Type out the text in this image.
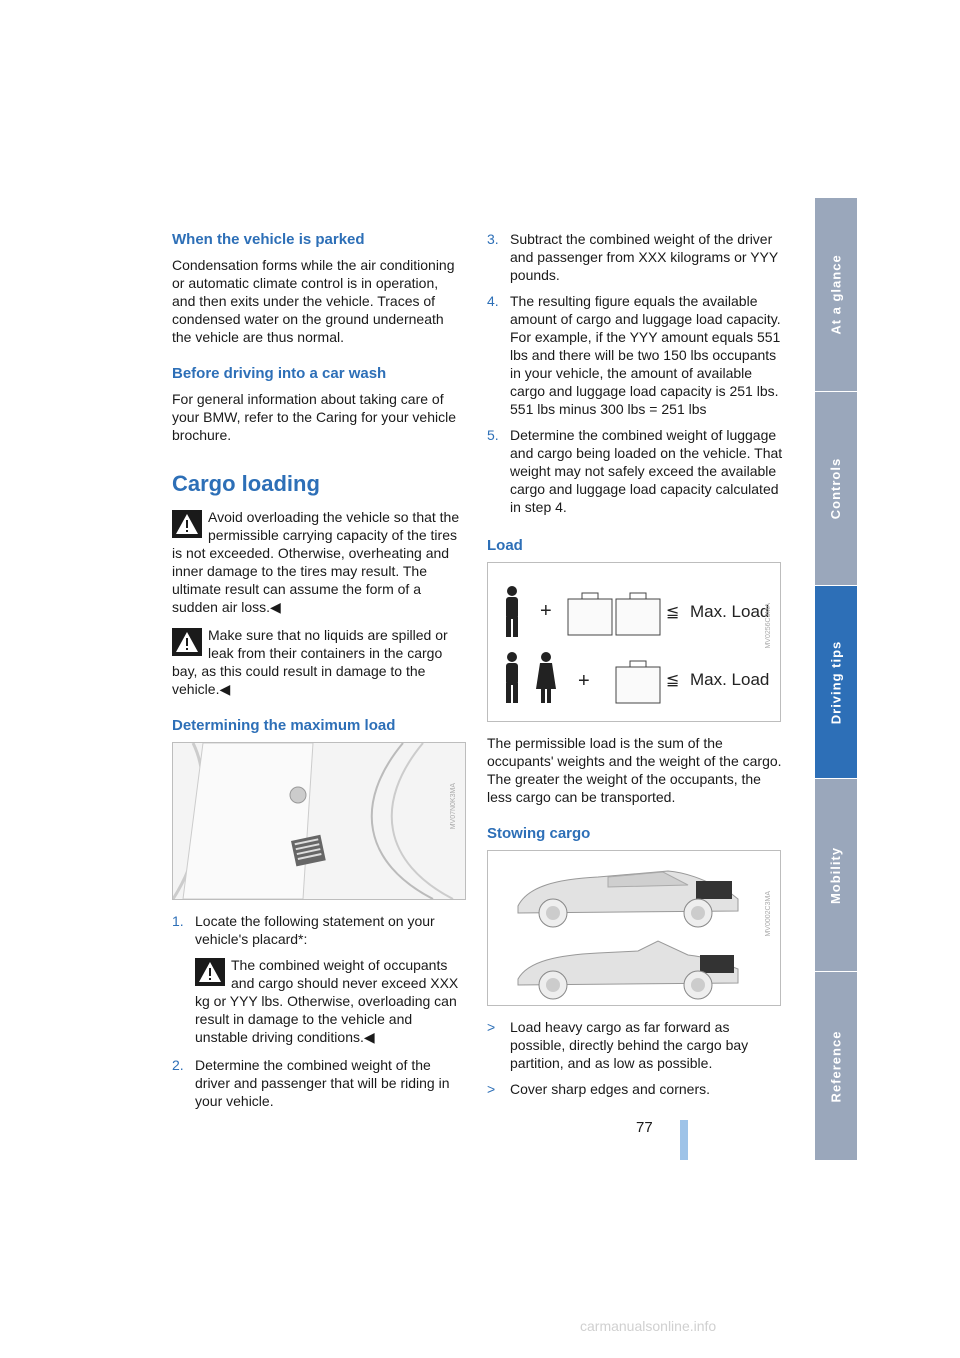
When the vehicle is parked

Condensation forms while the air conditioning or automatic climate control is in operation, and then exits under the vehicle. Traces of condensed water on the ground underneath the vehicle are thus normal.

Before driving into a car wash

For general information about taking care of your BMW, refer to the Caring for your vehicle brochure.

Cargo loading

Avoid overloading the vehicle so that the permissible carrying capacity of the tires is not exceeded. Otherwise, overheating and inner damage to the tires may result. The ultimate result can assume the form of a sudden air loss.◀

Make sure that no liquids are spilled or leak from their containers in the cargo bay, as this could result in damage to the vehicle.◀

Determining the maximum load
MV07N0K3MA
1. Locate the following statement on your vehicle's placard*:

The combined weight of occupants and cargo should never exceed XXX kg or YYY lbs. Otherwise, overloading can result in damage to the vehicle and unstable driving conditions.◀

2. Determine the combined weight of the driver and passenger that will be riding in your vehicle.
3. Subtract the combined weight of the driver and passenger from XXX kilograms or YYY pounds.
4. The resulting figure equals the available amount of cargo and luggage load capacity. For example, if the YYY amount equals 551 lbs and there will be two 150 lbs occupants in your vehicle, the amount of available cargo and luggage load capacity is 251 lbs. 551 lbs minus 300 lbs = 251 lbs
5. Determine the combined weight of luggage and cargo being loaded on the vehicle. That weight may not safely exceed the available cargo and luggage load capacity calculated in step 4.
Load
+	≦
+	≦
Max. Load
Max. Load
MV0256C3MA

The permissible load is the sum of the occupants' weights and the weight of the cargo. The greater the weight of the occupants, the less cargo can be transported.

Stowing cargo
MV0002C3MA
> Load heavy cargo as far forward as possible, directly behind the cargo bay partition, and as low as possible.
> Cover sharp edges and corners.
At a glance
Controls
Driving tips
Mobility
Reference
77
carmanualsonline.info
